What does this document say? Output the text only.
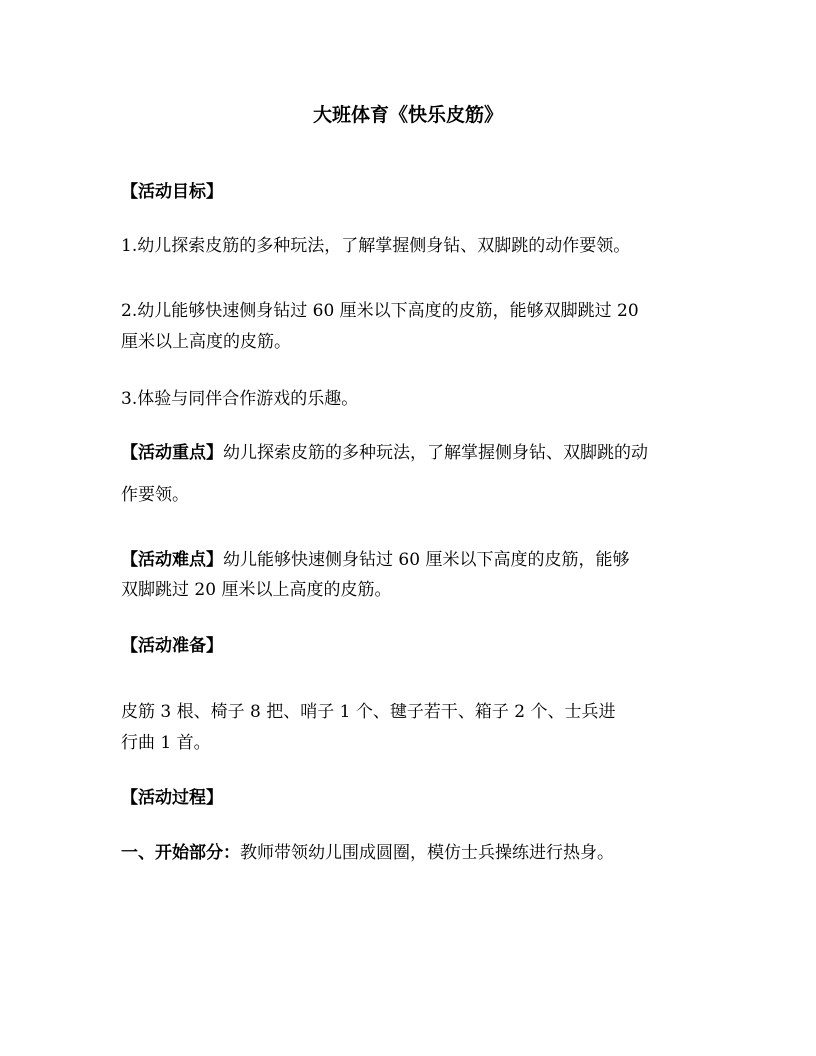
大班体育《快乐皮筋》
【活动目标】
1.幼儿探索皮筋的多种玩法，了解掌握侧身钻、双脚跳的动作要领。
2.幼儿能够快速侧身钻过 60 厘米以下高度的皮筋，能够双脚跳过 20
厘米以上高度的皮筋。
3.体验与同伴合作游戏的乐趣。
【活动重点】幼儿探索皮筋的多种玩法，了解掌握侧身钻、双脚跳的动
作要领。
【活动难点】幼儿能够快速侧身钻过 60 厘米以下高度的皮筋，能够
双脚跳过 20 厘米以上高度的皮筋。
【活动准备】
皮筋 3 根、椅子 8 把、哨子 1 个、毽子若干、箱子 2 个、士兵进
行曲 1 首。
【活动过程】
一、开始部分：教师带领幼儿围成圆圈，模仿士兵操练进行热身。
